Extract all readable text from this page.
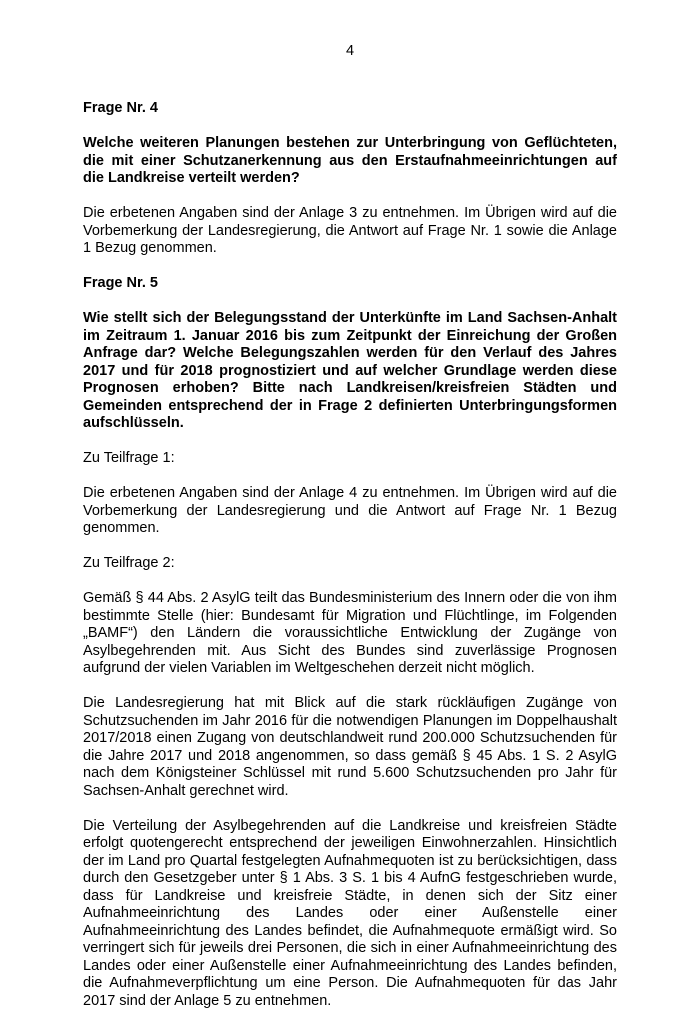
4

Frage Nr. 4

Welche weiteren Planungen bestehen zur Unterbringung von Geflüchteten, die mit einer Schutzanerkennung aus den Erstaufnahmeeinrichtungen auf die Landkreise verteilt werden?

Die erbetenen Angaben sind der Anlage 3 zu entnehmen. Im Übrigen wird auf die Vorbemerkung der Landesregierung, die Antwort auf Frage Nr. 1 sowie die Anlage 1 Bezug genommen.

Frage Nr. 5

Wie stellt sich der Belegungsstand der Unterkünfte im Land Sachsen-Anhalt im Zeitraum 1. Januar 2016 bis zum Zeitpunkt der Einreichung der Großen Anfrage dar? Welche Belegungszahlen werden für den Verlauf des Jahres 2017 und für 2018 prognostiziert und auf welcher Grundlage werden diese Prognosen erhoben? Bitte nach Landkreisen/kreisfreien Städten und Gemeinden entsprechend der in Frage 2 definierten Unterbringungsformen aufschlüsseln.

Zu Teilfrage 1:

Die erbetenen Angaben sind der Anlage 4 zu entnehmen. Im Übrigen wird auf die Vorbemerkung der Landesregierung und die Antwort auf Frage Nr. 1 Bezug genommen.

Zu Teilfrage 2:

Gemäß § 44 Abs. 2 AsylG teilt das Bundesministerium des Innern oder die von ihm bestimmte Stelle (hier: Bundesamt für Migration und Flüchtlinge, im Folgenden „BAMF“) den Ländern die voraussichtliche Entwicklung der Zugänge von Asylbegehrenden mit. Aus Sicht des Bundes sind zuverlässige Prognosen aufgrund der vielen Variablen im Weltgeschehen derzeit nicht möglich.

Die Landesregierung hat mit Blick auf die stark rückläufigen Zugänge von Schutzsuchenden im Jahr 2016 für die notwendigen Planungen im Doppelhaushalt 2017/2018 einen Zugang von deutschlandweit rund 200.000 Schutzsuchenden für die Jahre 2017 und 2018 angenommen, so dass gemäß § 45 Abs. 1 S. 2 AsylG nach dem Königsteiner Schlüssel mit rund 5.600 Schutzsuchenden pro Jahr für Sachsen-Anhalt gerechnet wird.

Die Verteilung der Asylbegehrenden auf die Landkreise und kreisfreien Städte erfolgt quotengerecht entsprechend der jeweiligen Einwohnerzahlen. Hinsichtlich der im Land pro Quartal festgelegten Aufnahmequoten ist zu berücksichtigen, dass durch den Gesetzgeber unter § 1 Abs. 3 S. 1 bis 4 AufnG festgeschrieben wurde, dass für Landkreise und kreisfreie Städte, in denen sich der Sitz einer Aufnahmeeinrichtung des Landes oder einer Außenstelle einer Aufnahmeeinrichtung des Landes befindet, die Aufnahmequote ermäßigt wird. So verringert sich für jeweils drei Personen, die sich in einer Aufnahmeeinrichtung des Landes oder einer Außenstelle einer Aufnahmeeinrichtung des Landes befinden, die Aufnahmeverpflichtung um eine Person. Die Aufnahmequoten für das Jahr 2017 sind der Anlage 5 zu entnehmen.
